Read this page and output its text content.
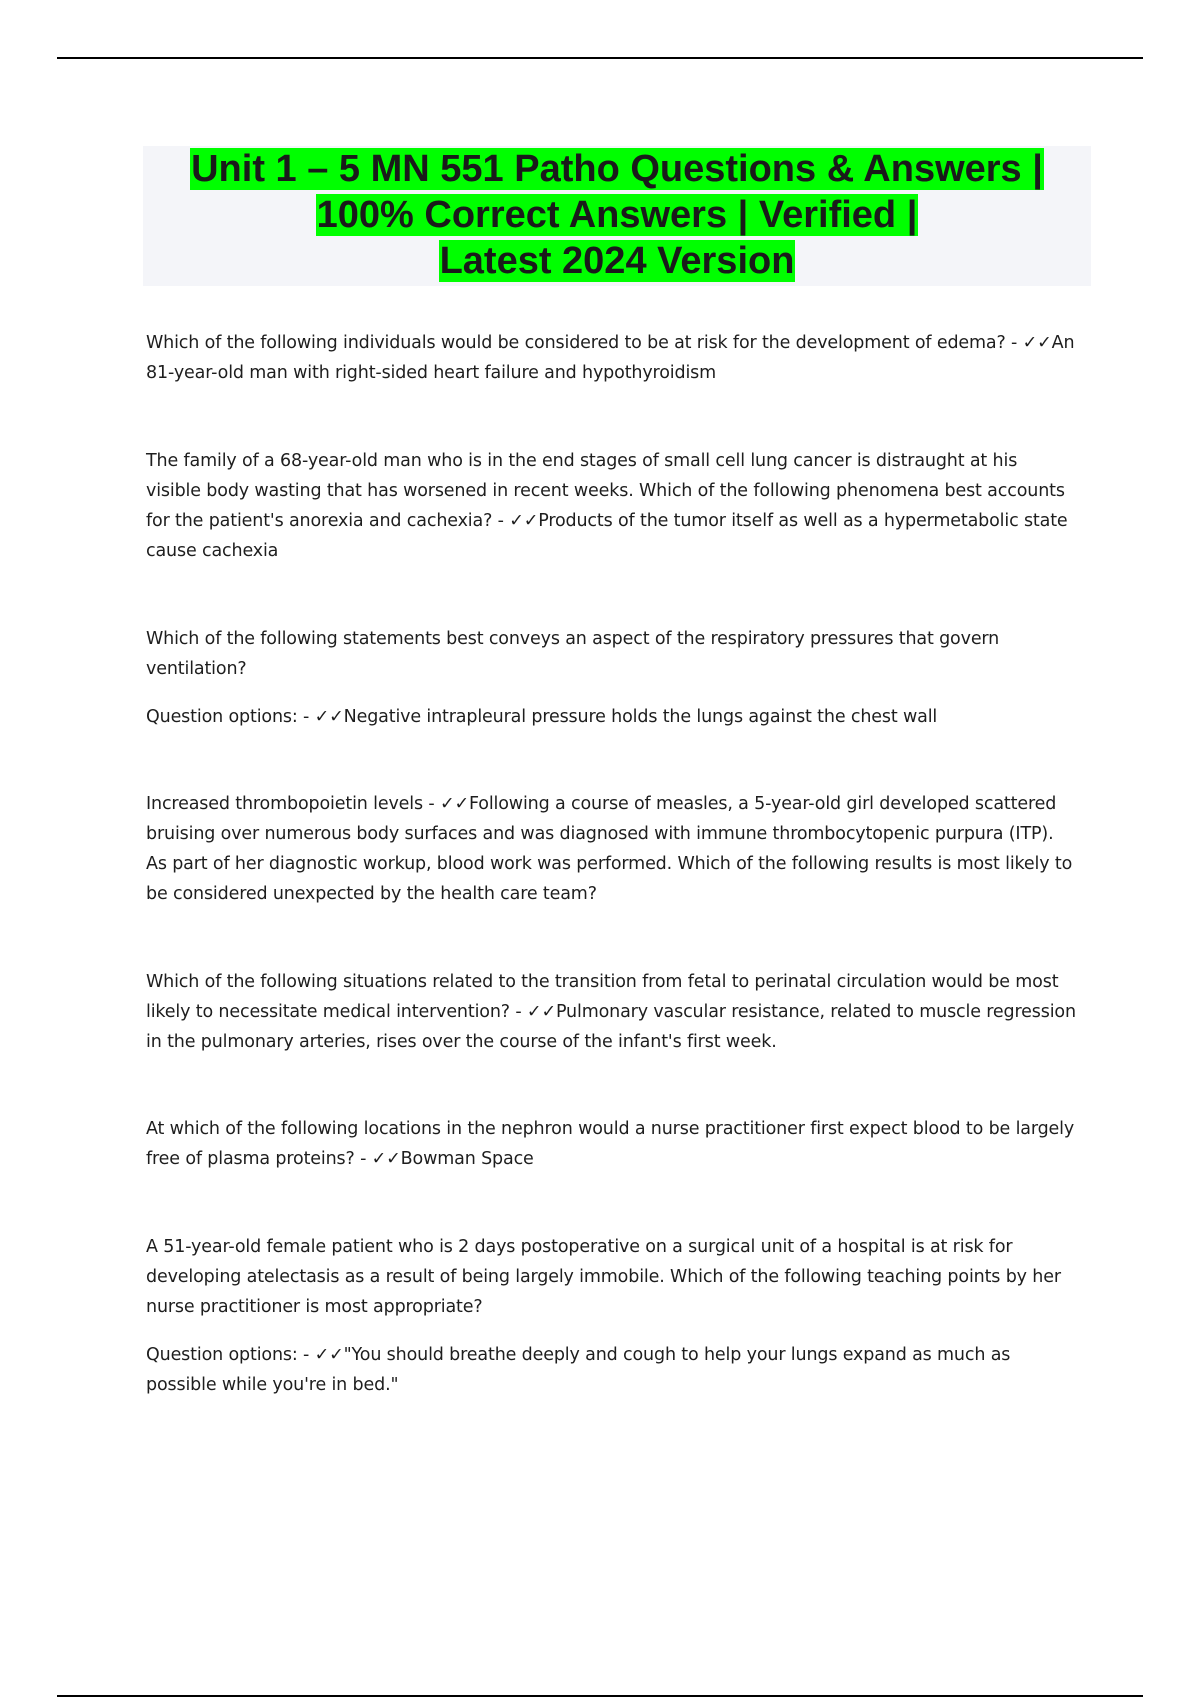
Unit 1 – 5 MN 551 Patho Questions & Answers |
100% Correct Answers | Verified |
Latest 2024 Version

Which of the following individuals would be considered to be at risk for the development of edema? - ✓✓An 81-year-old man with right-sided heart failure and hypothyroidism

The family of a 68-year-old man who is in the end stages of small cell lung cancer is distraught at his visible body wasting that has worsened in recent weeks. Which of the following phenomena best accounts for the patient's anorexia and cachexia? - ✓✓Products of the tumor itself as well as a hypermetabolic state cause cachexia

Which of the following statements best conveys an aspect of the respiratory pressures that govern ventilation?

Question options: - ✓✓Negative intrapleural pressure holds the lungs against the chest wall

Increased thrombopoietin levels - ✓✓Following a course of measles, a 5-year-old girl developed scattered bruising over numerous body surfaces and was diagnosed with immune thrombocytopenic purpura (ITP). As part of her diagnostic workup, blood work was performed. Which of the following results is most likely to be considered unexpected by the health care team?

Which of the following situations related to the transition from fetal to perinatal circulation would be most likely to necessitate medical intervention? - ✓✓Pulmonary vascular resistance, related to muscle regression in the pulmonary arteries, rises over the course of the infant's first week.

At which of the following locations in the nephron would a nurse practitioner first expect blood to be largely free of plasma proteins? - ✓✓Bowman Space

A 51-year-old female patient who is 2 days postoperative on a surgical unit of a hospital is at risk for developing atelectasis as a result of being largely immobile. Which of the following teaching points by her nurse practitioner is most appropriate?

Question options: - ✓✓"You should breathe deeply and cough to help your lungs expand as much as possible while you're in bed."
